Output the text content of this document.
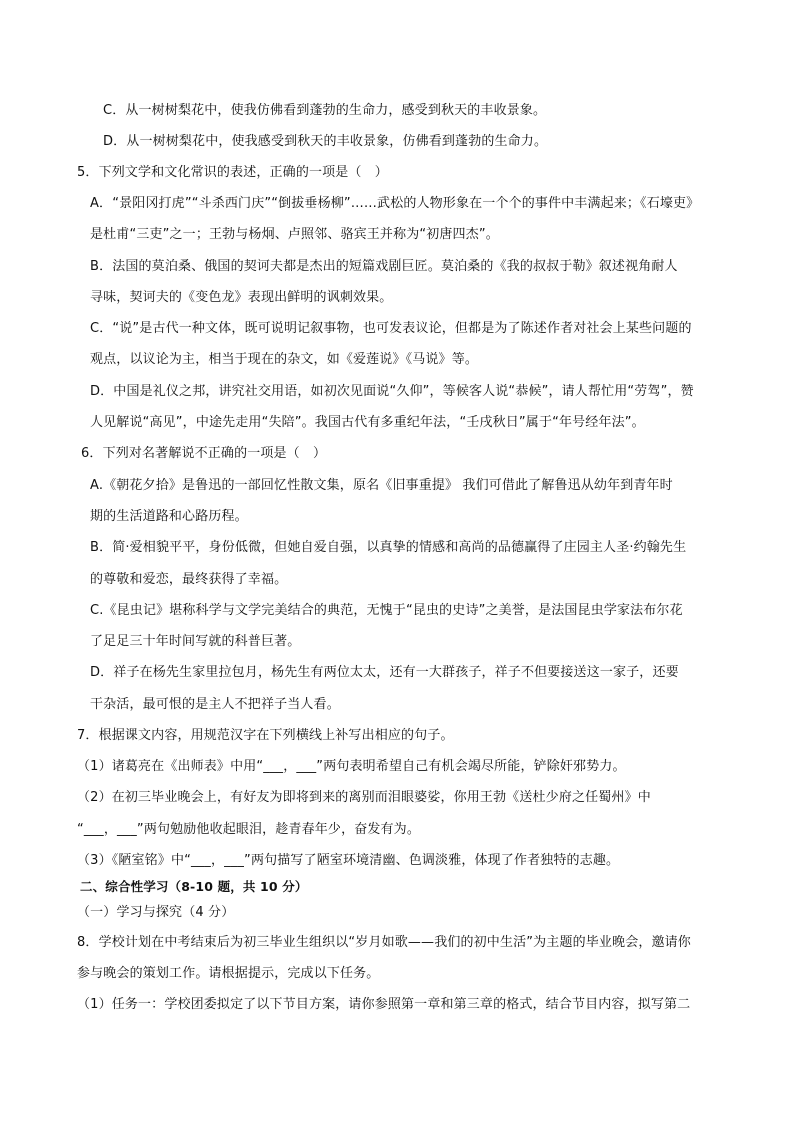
C．从一树树梨花中，使我仿佛看到蓬勃的生命力，感受到秋天的丰收景象。
D．从一树树梨花中，使我感受到秋天的丰收景象，仿佛看到蓬勃的生命力。
5．下列文学和文化常识的表述，正确的一项是（　）
A．“景阳冈打虎”“斗杀西门庆”“倒拔垂杨柳”……武松的人物形象在一个个的事件中丰满起来；《石壕吏》
是杜甫“三吏”之一；王勃与杨炯、卢照邻、骆宾王并称为“初唐四杰”。
B．法国的莫泊桑、俄国的契诃夫都是杰出的短篇戏剧巨匠。莫泊桑的《我的叔叔于勒》叙述视角耐人
寻味，契诃夫的《变色龙》表现出鲜明的讽刺效果。
C．“说”是古代一种文体，既可说明记叙事物，也可发表议论，但都是为了陈述作者对社会上某些问题的
观点，以议论为主，相当于现在的杂文，如《爱莲说》《马说》等。
D．中国是礼仪之邦，讲究社交用语，如初次见面说“久仰”，等候客人说“恭候”，请人帮忙用“劳驾”，赞
人见解说“高见”，中途先走用“失陪”。我国古代有多重纪年法，“壬戌秋日”属于“年号经年法”。
6．下列对名著解说不正确的一项是（　）
A.《朝花夕拾》是鲁迅的一部回忆性散文集，原名《旧事重提》 我们可借此了解鲁迅从幼年到青年时
期的生活道路和心路历程。
B．简·爱相貌平平，身份低微，但她自爱自强，以真挚的情感和高尚的品德赢得了庄园主人圣·约翰先生
的尊敬和爱恋，最终获得了幸福。
C.《昆虫记》堪称科学与文学完美结合的典范，无愧于“昆虫的史诗”之美誉，是法国昆虫学家法布尔花
了足足三十年时间写就的科普巨著。
D．祥子在杨先生家里拉包月，杨先生有两位太太，还有一大群孩子，祥子不但要接送这一家子，还要
干杂活，最可恨的是主人不把祥子当人看。
7．根据课文内容，用规范汉字在下列横线上补写出相应的句子。
（1）诸葛亮在《出师表》中用“___，___”两句表明希望自己有机会竭尽所能，铲除奸邪势力。
（2）在初三毕业晚会上，有好友为即将到来的离别而泪眼婆娑，你用王勃《送杜少府之任蜀州》中
“___，___”两句勉励他收起眼泪，趁青春年少，奋发有为。
（3）《陋室铭》中“___，___”两句描写了陋室环境清幽、色调淡雅，体现了作者独特的志趣。
二、综合性学习（8-10 题，共 10 分）
（一）学习与探究（4 分）
8．学校计划在中考结束后为初三毕业生组织以“岁月如歌——我们的初中生活”为主题的毕业晚会，邀请你
参与晚会的策划工作。请根据提示，完成以下任务。
（1）任务一：学校团委拟定了以下节目方案，请你参照第一章和第三章的格式，结合节目内容，拟写第二
